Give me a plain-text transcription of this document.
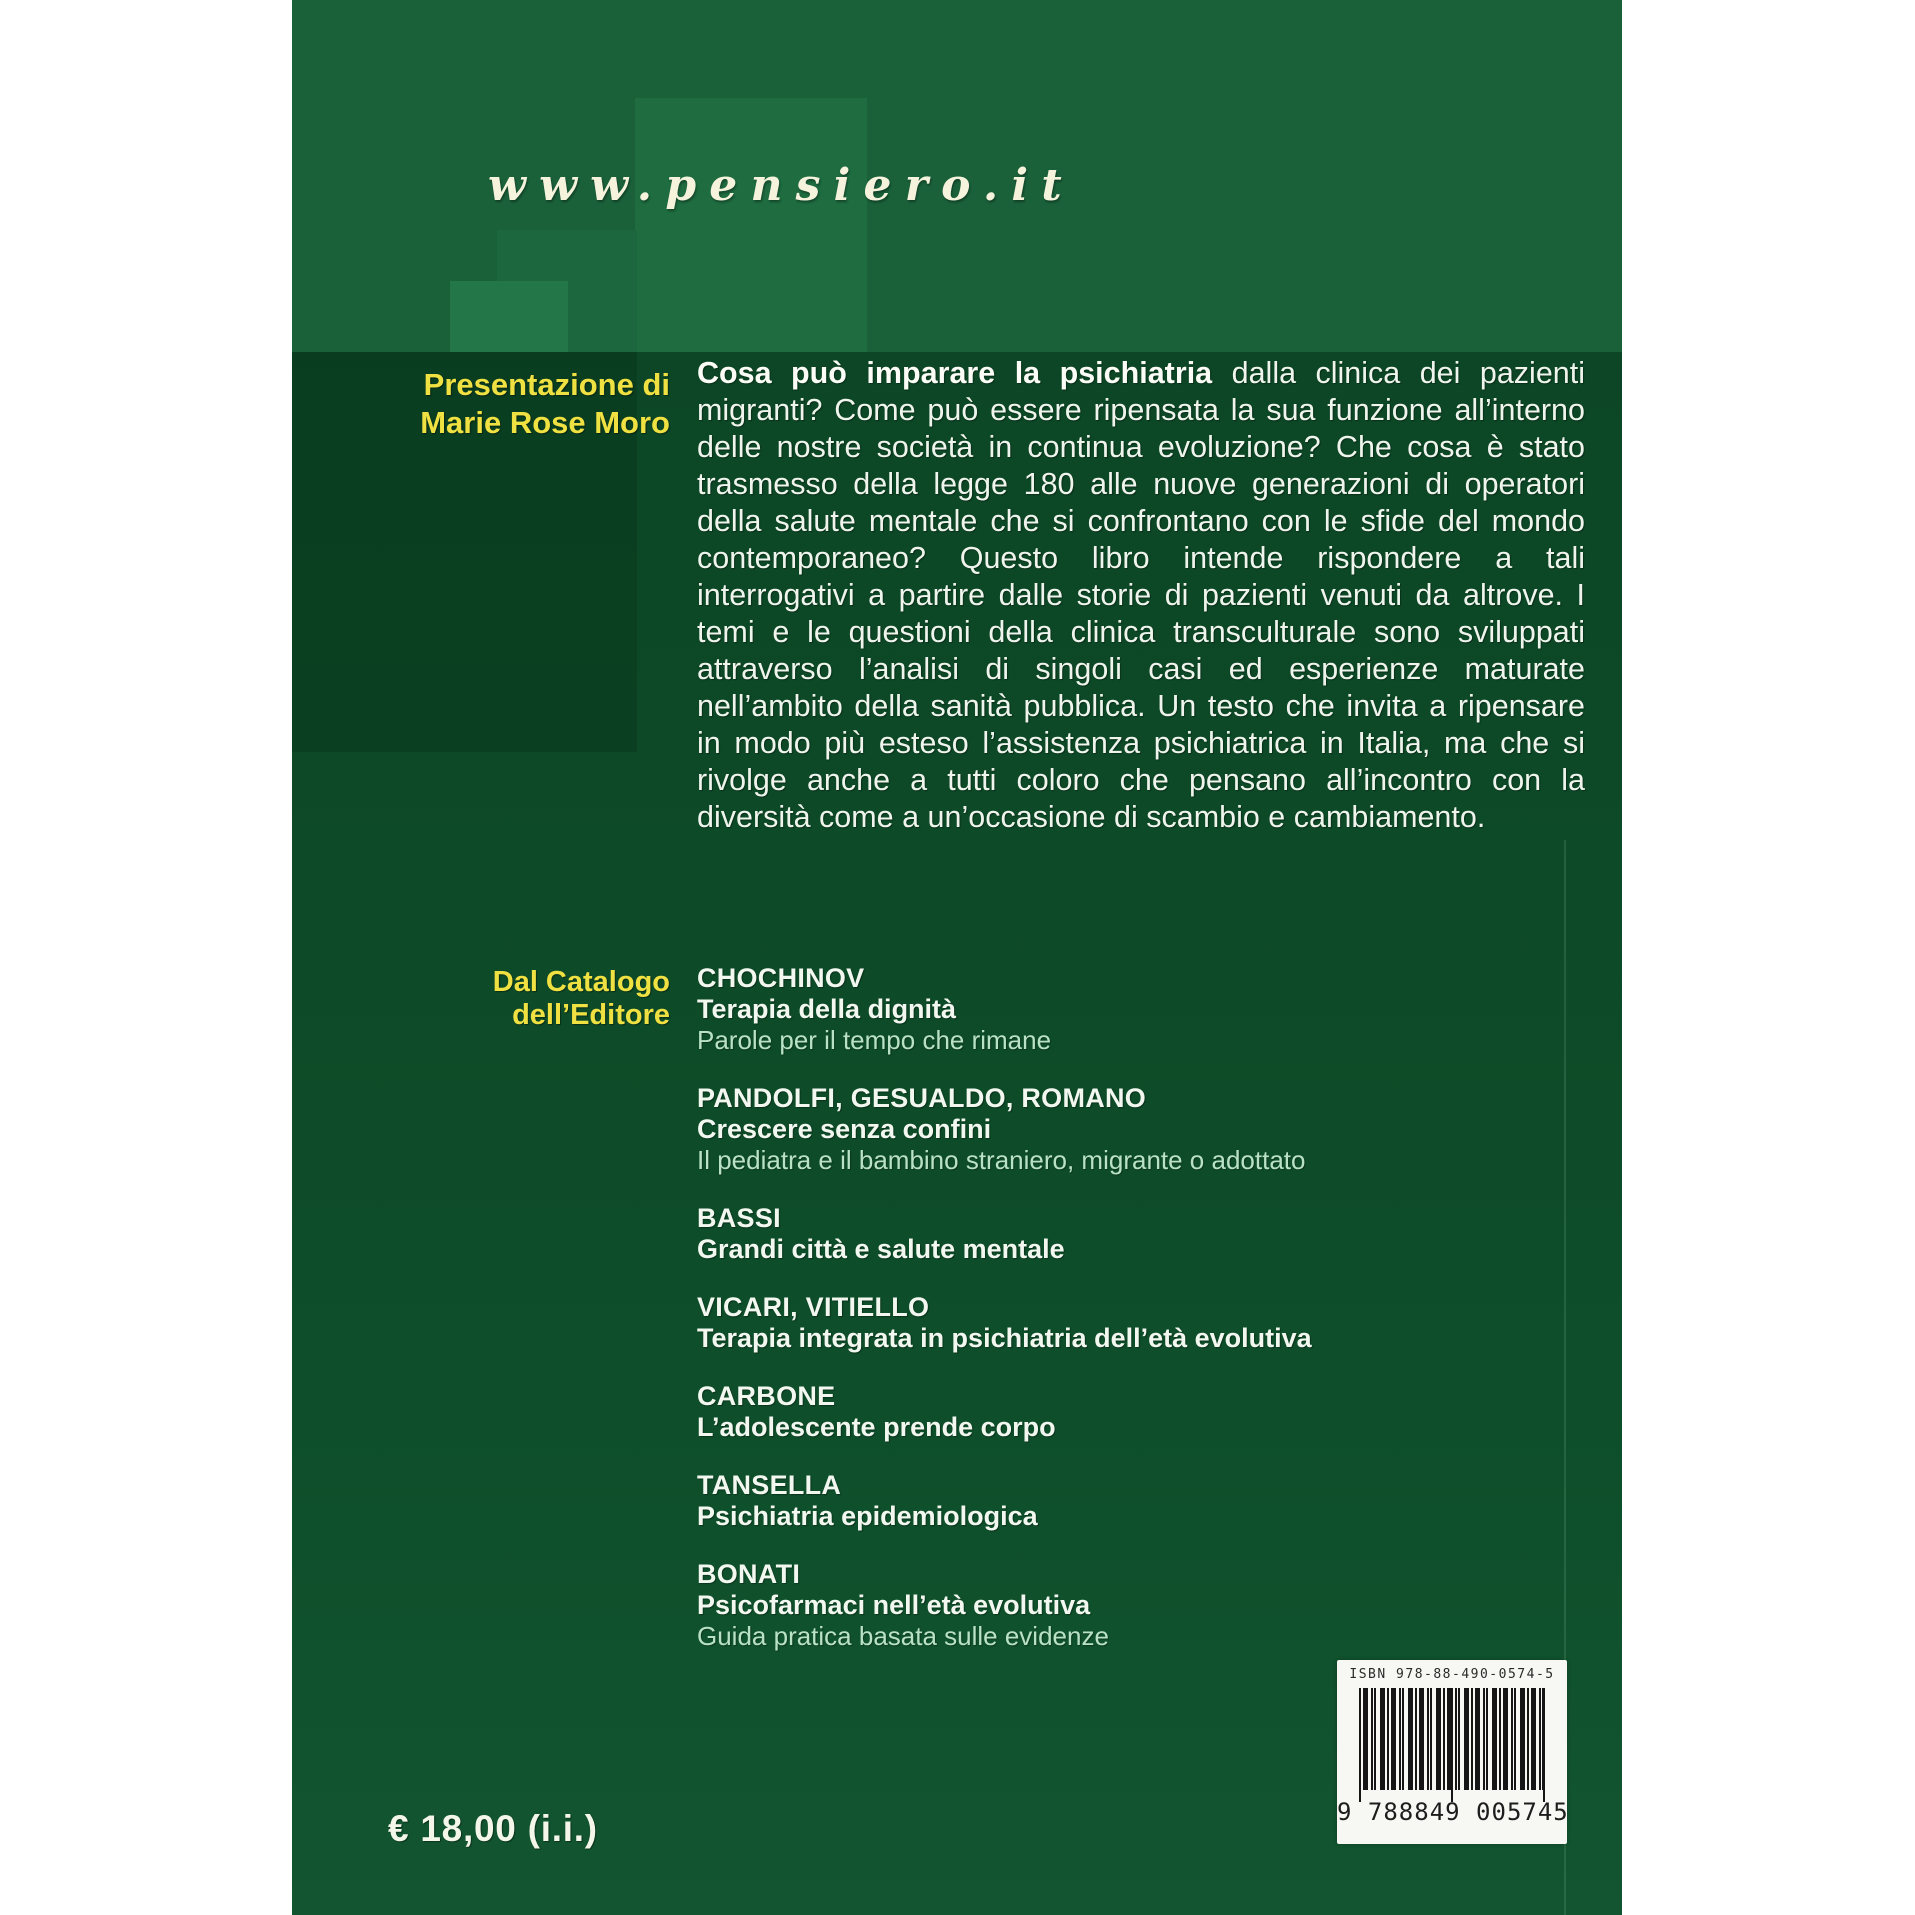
www.pensiero.it
Presentazione di
Marie Rose Moro
Cosa può imparare la psichiatria dalla clinica dei pazienti migranti? Come può essere ripensata la sua funzione all’interno delle nostre società in continua evoluzione? Che cosa è stato trasmesso della legge 180 alle nuove generazioni di operatori della salute mentale che si confrontano con le sfide del mondo contemporaneo? Questo libro intende rispondere a tali interrogativi a partire dalle storie di pazienti venuti da altrove. I temi e le questioni della clinica transculturale sono sviluppati attraverso l’analisi di singoli casi ed esperienze maturate nell’ambito della sanità pubblica. Un testo che invita a ripensare in modo più esteso l’assistenza psichiatrica in Italia, ma che si rivolge anche a tutti coloro che pensano all’incontro con la diversità come a un’occasione di scambio e cambiamento.
Dal Catalogo
dell’Editore
CHOCHINOV
Terapia della dignità
Parole per il tempo che rimane
PANDOLFI, GESUALDO, ROMANO
Crescere senza confini
Il pediatra e il bambino straniero, migrante o adottato
BASSI
Grandi città e salute mentale
VICARI, VITIELLO
Terapia integrata in psichiatria dell’età evolutiva
CARBONE
L’adolescente prende corpo
TANSELLA
Psichiatria epidemiologica
BONATI
Psicofarmaci nell’età evolutiva
Guida pratica basata sulle evidenze
€ 18,00 (i.i.)
ISBN 978-88-490-0574-5
9 788849 005745
